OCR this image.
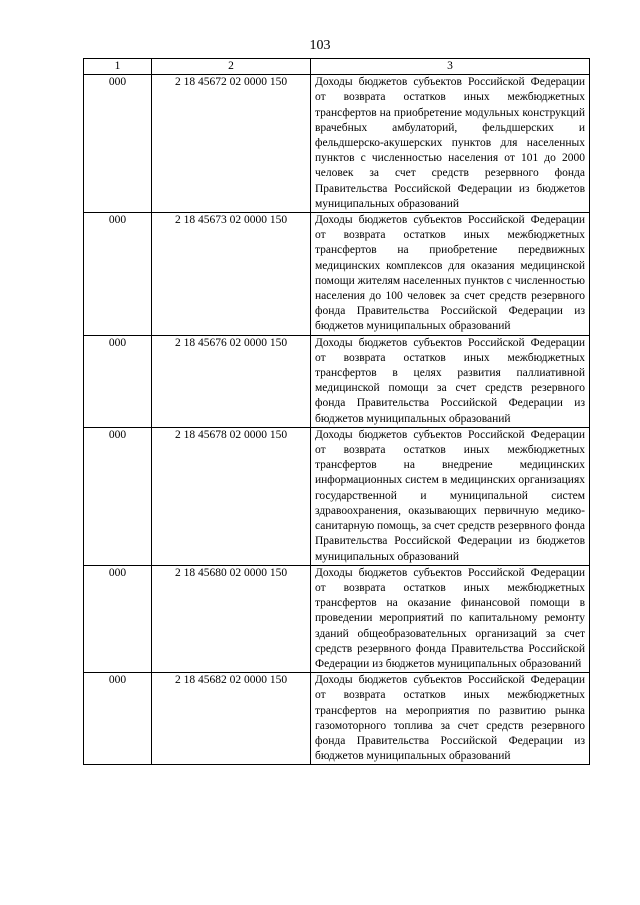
103
1	2	3
000	2 18 45672 02 0000 150	Доходы бюджетов субъектов Российской Федерации от возврата остатков иных межбюджетных трансфертов на приобретение модульных конструкций врачебных амбулаторий, фельдшерских и фельдшерско-акушерских пунктов для населенных пунктов с численностью населения от 101 до 2000 человек за счет средств резервного фонда Правительства Российской Федерации из бюджетов муниципальных образований
000	2 18 45673 02 0000 150	Доходы бюджетов субъектов Российской Федерации от возврата остатков иных межбюджетных трансфертов на приобретение передвижных медицинских комплексов для оказания медицинской помощи жителям населенных пунктов с численностью населения до 100 человек за счет средств резервного фонда Правительства Российской Федерации из бюджетов муниципальных образований
000	2 18 45676 02 0000 150	Доходы бюджетов субъектов Российской Федерации от возврата остатков иных межбюджетных трансфертов в целях развития паллиативной медицинской помощи за счет средств резервного фонда Правительства Российской Федерации из бюджетов муниципальных образований
000	2 18 45678 02 0000 150	Доходы бюджетов субъектов Российской Федерации от возврата остатков иных межбюджетных трансфертов на внедрение медицинских информационных систем в медицинских организациях государственной и муниципальной систем здравоохранения, оказывающих первичную медико-санитарную помощь, за счет средств резервного фонда Правительства Российской Федерации из бюджетов муниципальных образований
000	2 18 45680 02 0000 150	Доходы бюджетов субъектов Российской Федерации от возврата остатков иных межбюджетных трансфертов на оказание финансовой помощи в проведении мероприятий по капитальному ремонту зданий общеобразовательных организаций за счет средств резервного фонда Правительства Российской Федерации из бюджетов муниципальных образований
000	2 18 45682 02 0000 150	Доходы бюджетов субъектов Российской Федерации от возврата остатков иных межбюджетных трансфертов на мероприятия по развитию рынка газомоторного топлива за счет средств резервного фонда Правительства Российской Федерации из бюджетов муниципальных образований
